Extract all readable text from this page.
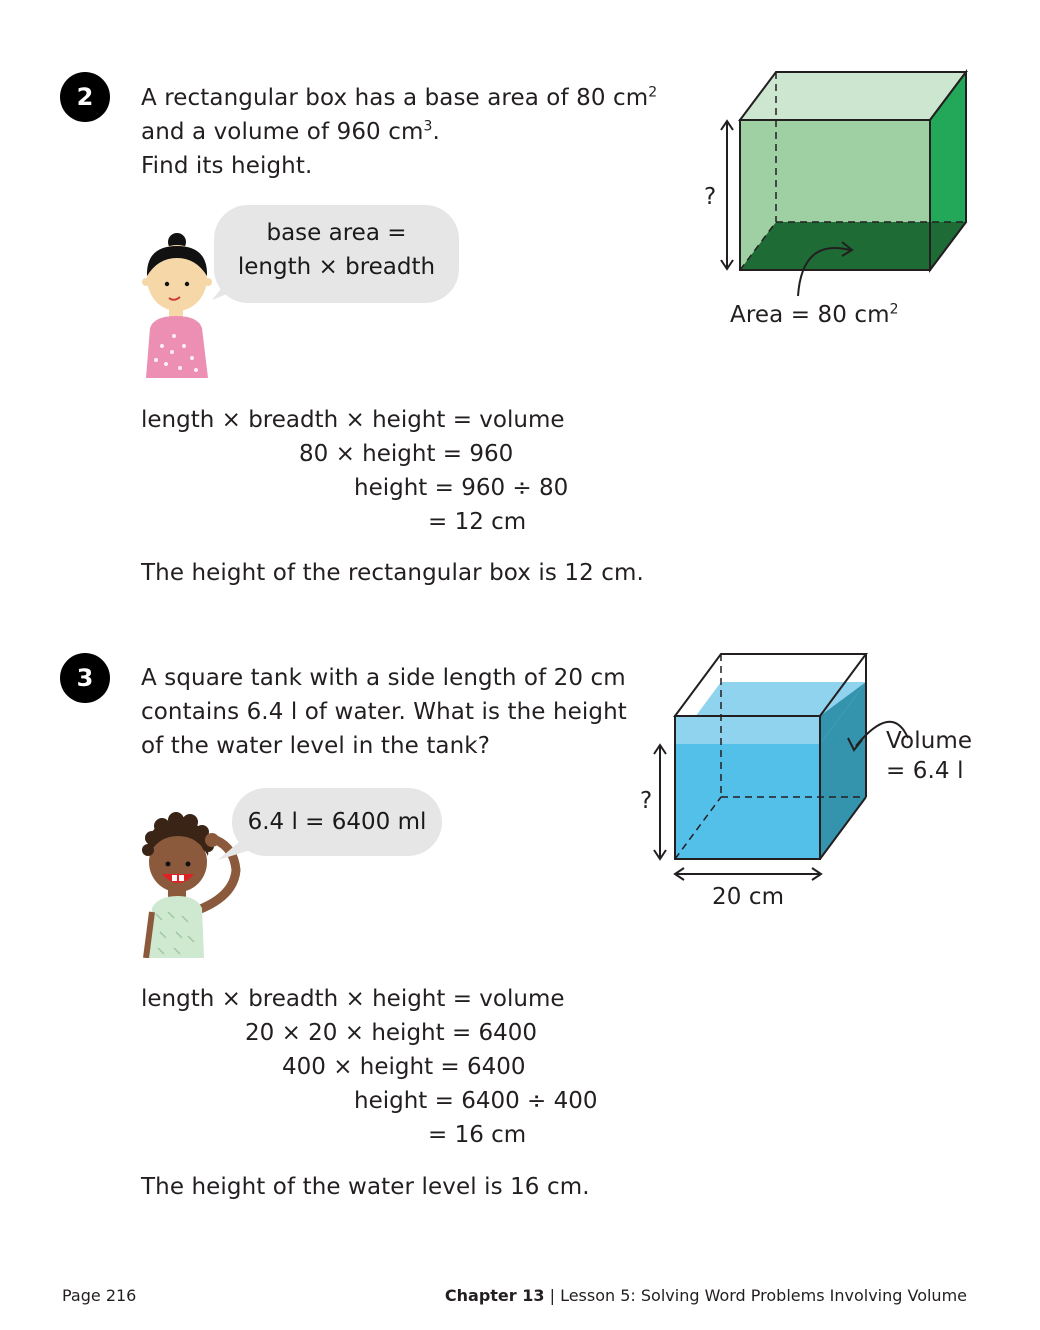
2 A rectangular box has a base area of 80 $cm^2$
and a volume of 960 $cm^3$.
Find its height.
base area =
length × breadth
?
Area = 80 $cm^2$
length × breadth × height = volume
80 × height = 960
height = 960 ÷ 80
= 12 cm
The height of the rectangular box is 12 cm.
3 A square tank with a side length of 20 cm
contains 6.4 l of water. What is the height
of the water level in the tank?
6.4 l = 6400 ml
?
20 cm
Volume
= 6.4 l
length × breadth × height = volume
20 × 20 × height = 6400
400 × height = 6400
height = 6400 ÷ 400
= 16 cm
The height of the water level is 16 cm.
Page 216	Chapter 13 | Lesson 5: Solving Word Problems Involving Volume
